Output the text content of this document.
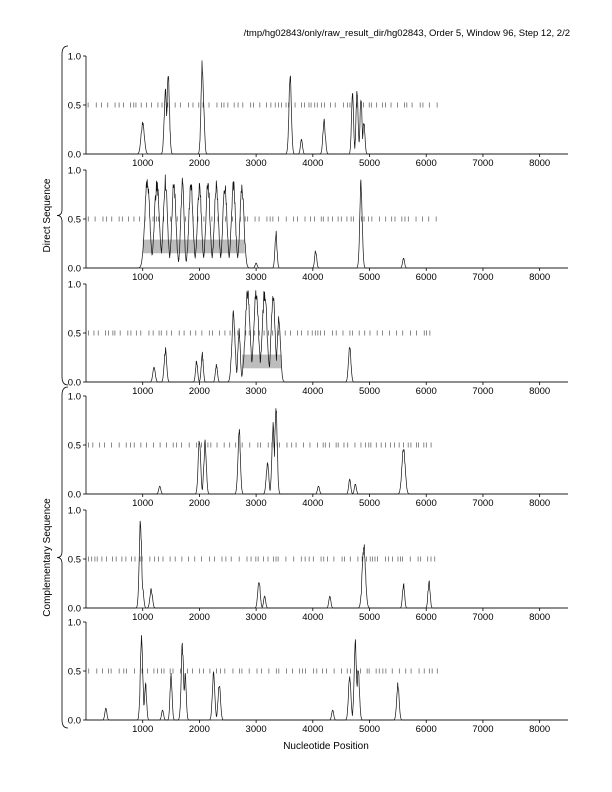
/tmp/hg02843/only/raw_result_dir/hg02843, Order 5, Window 96, Step 12, 2/2
0.0
0.5
1.0
1000	2000	3000	4000	5000	6000	7000	8000
0.0
0.5
1.0
1000	2000	3000	4000	5000	6000	7000	8000
0.0
0.5
1.0
1000	2000	3000	4000	5000	6000	7000	8000
0.0
0.5
1.0
1000	2000	3000	4000	5000	6000	7000	8000
0.0
0.5
1.0
1000	2000	3000	4000	5000	6000	7000	8000
0.0
0.5
1.0
1000	2000	3000	4000	5000	6000	7000	8000
Direct Sequence
Complementary Sequence
Nucleotide Position
